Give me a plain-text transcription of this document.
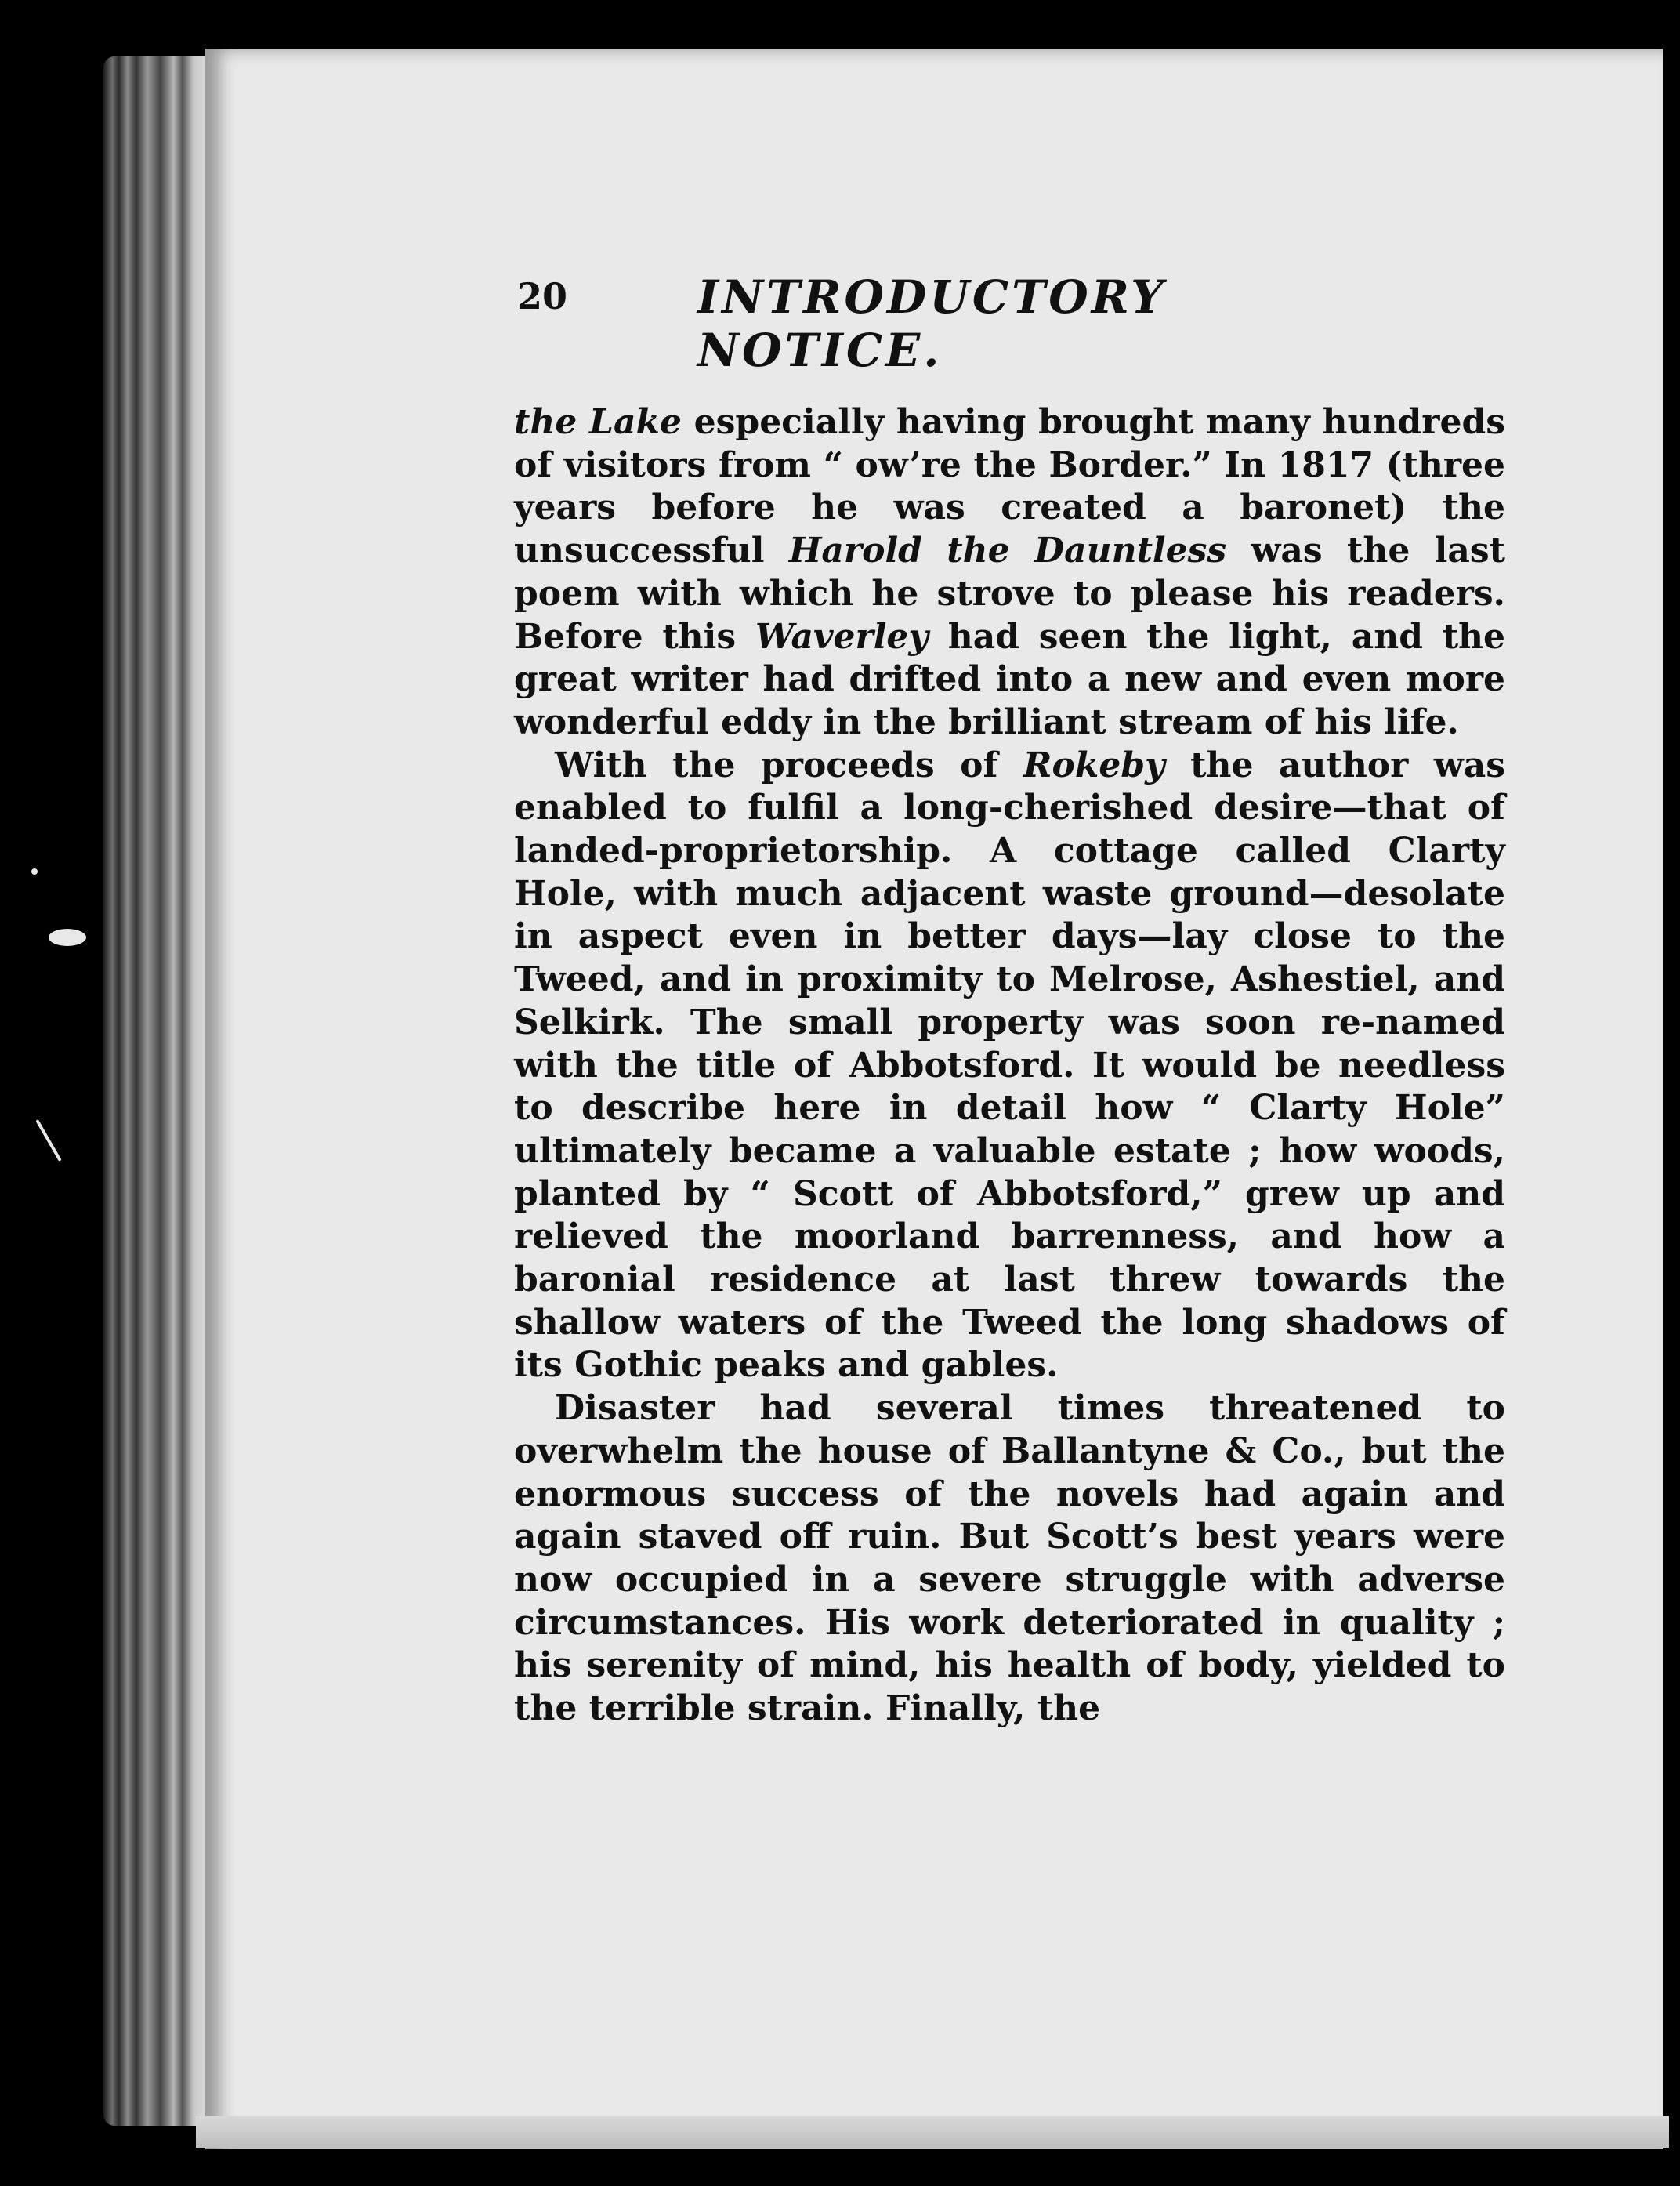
20	INTRODUCTORY NOTICE.

the Lake especially having brought many hundreds of visitors from “ ow’re the Border.” In 1817 (three years before he was created a baronet) the unsuccessful Harold the Dauntless was the last poem with which he strove to please his readers. Before this Waverley had seen the light, and the great writer had drifted into a new and even more wonderful eddy in the brilliant stream of his life.

With the proceeds of Rokeby the author was enabled to fulfil a long-cherished desire—that of landed-proprietorship. A cottage called Clarty Hole, with much adjacent waste ground—desolate in aspect even in better days—lay close to the Tweed, and in proximity to Melrose, Ashestiel, and Selkirk. The small property was soon re-named with the title of Abbotsford. It would be needless to describe here in detail how “ Clarty Hole” ultimately became a valuable estate ; how woods, planted by “ Scott of Abbotsford,” grew up and relieved the moorland barrenness, and how a baronial residence at last threw towards the shallow waters of the Tweed the long shadows of its Gothic peaks and gables.

Disaster had several times threatened to overwhelm the house of Ballantyne & Co., but the enormous success of the novels had again and again staved off ruin. But Scott’s best years were now occupied in a severe struggle with adverse circumstances. His work deteriorated in quality ; his serenity of mind, his health of body, yielded to the terrible strain. Finally, the
